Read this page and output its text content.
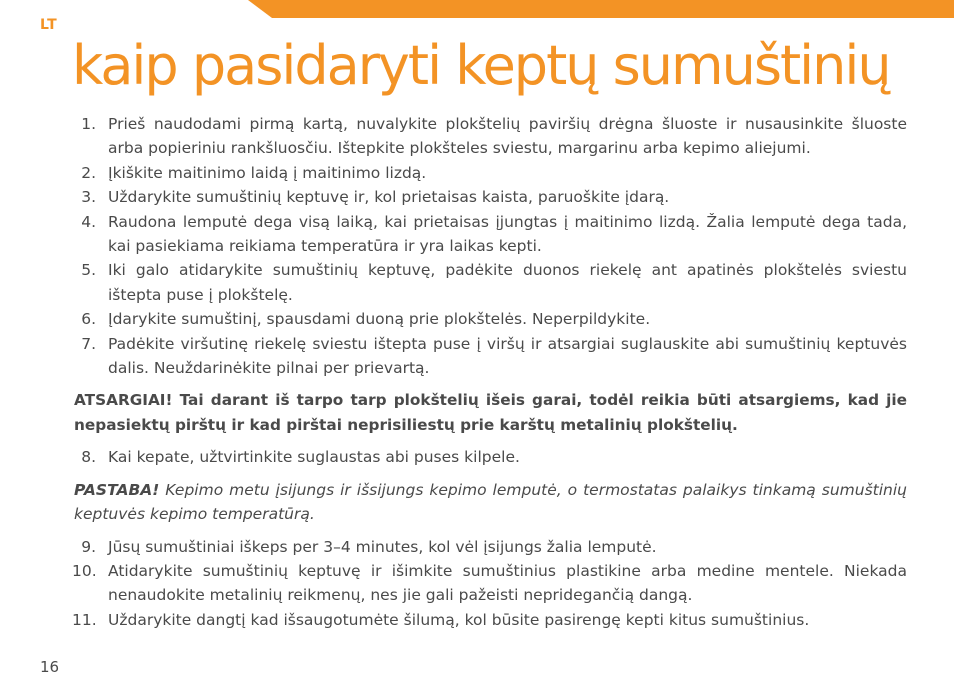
LT
kaip pasidaryti keptų sumuštinių
1. Prieš naudodami pirmą kartą, nuvalykite plokštelių paviršių drėgna šluoste ir nusausinkite šluoste arba popieriniu rankšluosčiu. Ištepkite plokšteles sviestu, margarinu arba kepimo aliejumi.
2. Įkiškite maitinimo laidą į maitinimo lizdą.
3. Uždarykite sumuštinių keptuvę ir, kol prietaisas kaista, paruoškite įdarą.
4. Raudona lemputė dega visą laiką, kai prietaisas įjungtas į maitinimo lizdą. Žalia lemputė dega tada, kai pasiekiama reikiama temperatūra ir yra laikas kepti.
5. Iki galo atidarykite sumuštinių keptuvę, padėkite duonos riekelę ant apatinės plokštelės sviestu ištepta puse į plokštelę.
6. Įdarykite sumuštinį, spausdami duoną prie plokštelės. Neperpildykite.
7. Padėkite viršutinę riekelę sviestu ištepta puse į viršų ir atsargiai suglauskite abi sumuštinių keptuvės dalis. Neuždarinėkite pilnai per prievartą.

ATSARGIAI! Tai darant iš tarpo tarp plokštelių išeis garai, todėl reikia būti atsargiems, kad jie nepasiektų pirštų ir kad pirštai neprisiliestų prie karštų metalinių plokštelių.

8. Kai kepate, užtvirtinkite suglaustas abi puses kilpele.

PASTABA! Kepimo metu įsijungs ir išsijungs kepimo lemputė, o termostatas palaikys tinkamą sumuštinių keptuvės kepimo temperatūrą.

9. Jūsų sumuštiniai iškeps per 3–4 minutes, kol vėl įsijungs žalia lemputė.
10. Atidarykite sumuštinių keptuvę ir išimkite sumuštinius plastikine arba medine mentele. Niekada nenaudokite metalinių reikmenų, nes jie gali pažeisti nepridegančią dangą.
11. Uždarykite dangtį kad išsaugotumėte šilumą, kol būsite pasirengę kepti kitus sumuštinius.
16
